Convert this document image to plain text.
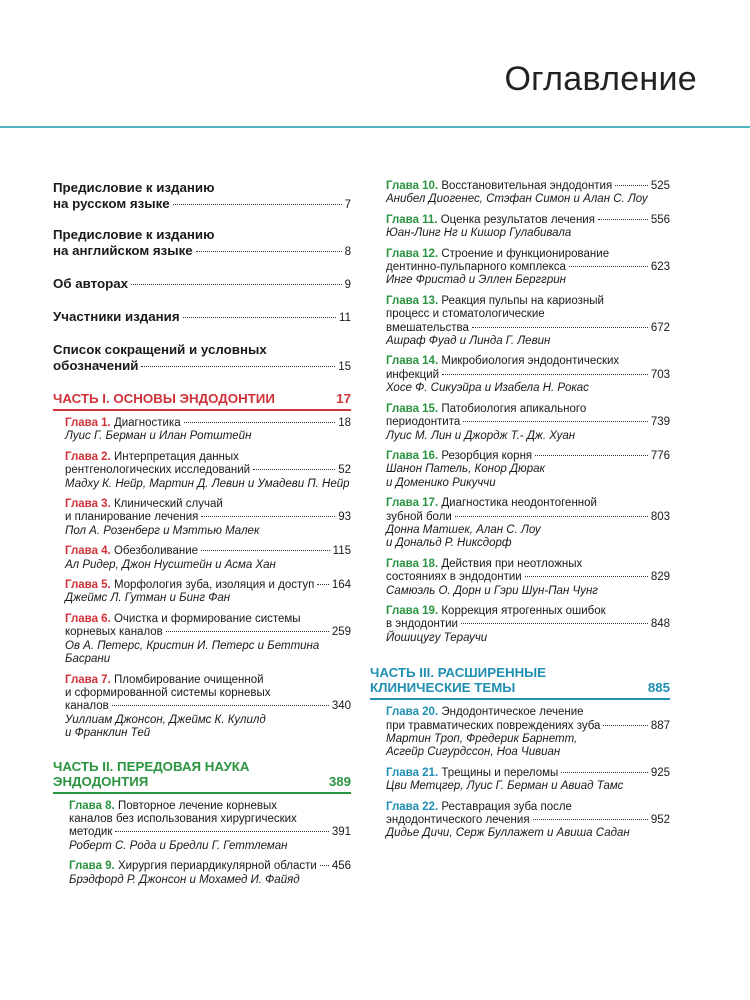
Оглавление
Предисловие к изданию
на русском языке	7
Предисловие к изданию
на английском языке	8
Об авторах	9
Участники издания	11
Список сокращений и условных
обозначений	15
ЧАСТЬ I. ОСНОВЫ ЭНДОДОНТИИ	17
Глава 1. Диагностика	18
Луис Г. Берман и Илан Ротштейн
Глава 2. Интерпретация данных
рентгенологических исследований	52
Мадху К. Нейр, Мартин Д. Левин и Умадеви П. Нейр
Глава 3. Клинический случай
и планирование лечения	93
Пол А. Розенберг и Мэттью Малек
Глава 4. Обезболивание	115
Ал Ридер, Джон Нусштейн и Асма Хан
Глава 5. Морфология зуба, изоляция и доступ 164
Джеймс Л. Гутман и Бинг Фан
Глава 6. Очистка и формирование системы
корневых каналов	259
Ов А. Петерс, Кристин И. Петерс и Беттина Басрани
Глава 7. Пломбирование очищенной
и сформированной системы корневых
каналов	340
Уиллиам Джонсон, Джеймс К. Кулилд
и Франклин Тей
ЧАСТЬ II. ПЕРЕДОВАЯ НАУКА
ЭНДОДОНТИЯ	389
Глава 8. Повторное лечение корневых
каналов без использования хирургических
методик	391
Роберт С. Рода и Бредли Г. Геттлеман
Глава 9. Хирургия периардикулярной области 456
Брэдфорд Р. Джонсон и Мохамед И. Файяд
Глава 10. Восстановительная эндодонтия	525
Анибел Диогенес, Стэфан Симон и Алан С. Лоу
Глава 11. Оценка результатов лечения	556
Юан-Линг Нг и Кишор Гулабивала
Глава 12. Строение и функционирование
дентинно-пульпарного комплекса	623
Инге Фристад и Эллен Берггрин
Глава 13. Реакция пульпы на кариозный
процесс и стоматологические
вмешательства	672
Ашраф Фуад и Линда Г. Левин
Глава 14. Микробиология эндодонтических
инфекций	703
Хосе Ф. Сикуэйра и Изабела Н. Рокас
Глава 15. Патобиология апикального
периодонтита	739
Луис М. Лин и Джордж Т.- Дж. Хуан
Глава 16. Резорбция корня	776
Шанон Патель, Конор Дюрак
и Доменико Рикуччи
Глава 17. Диагностика неодонтогенной
зубной боли	803
Донна Матшек, Алан С. Лоу
и Дональд Р. Никсдорф
Глава 18. Действия при неотложных
состояниях в эндодонтии	829
Самюэль О. Дорн и Гэри Шун-Пан Чунг
Глава 19. Коррекция ятрогенных ошибок
в эндодонтии	848
Йошицугу Тераучи
ЧАСТЬ III. РАСШИРЕННЫЕ
КЛИНИЧЕСКИЕ ТЕМЫ	885
Глава 20. Эндодонтическое лечение
при травматических повреждениях зуба	887
Мартин Троп, Фредерик Барнетт,
Асгейр Сигурдссон, Ноа Чивиан
Глава 21. Трещины и переломы	925
Цви Метцгер, Луис Г. Берман и Авиад Тамс
Глава 22. Реставрация зуба после
эндодонтического лечения	952
Дидье Дичи, Серж Буллажет и Авиша Садан
